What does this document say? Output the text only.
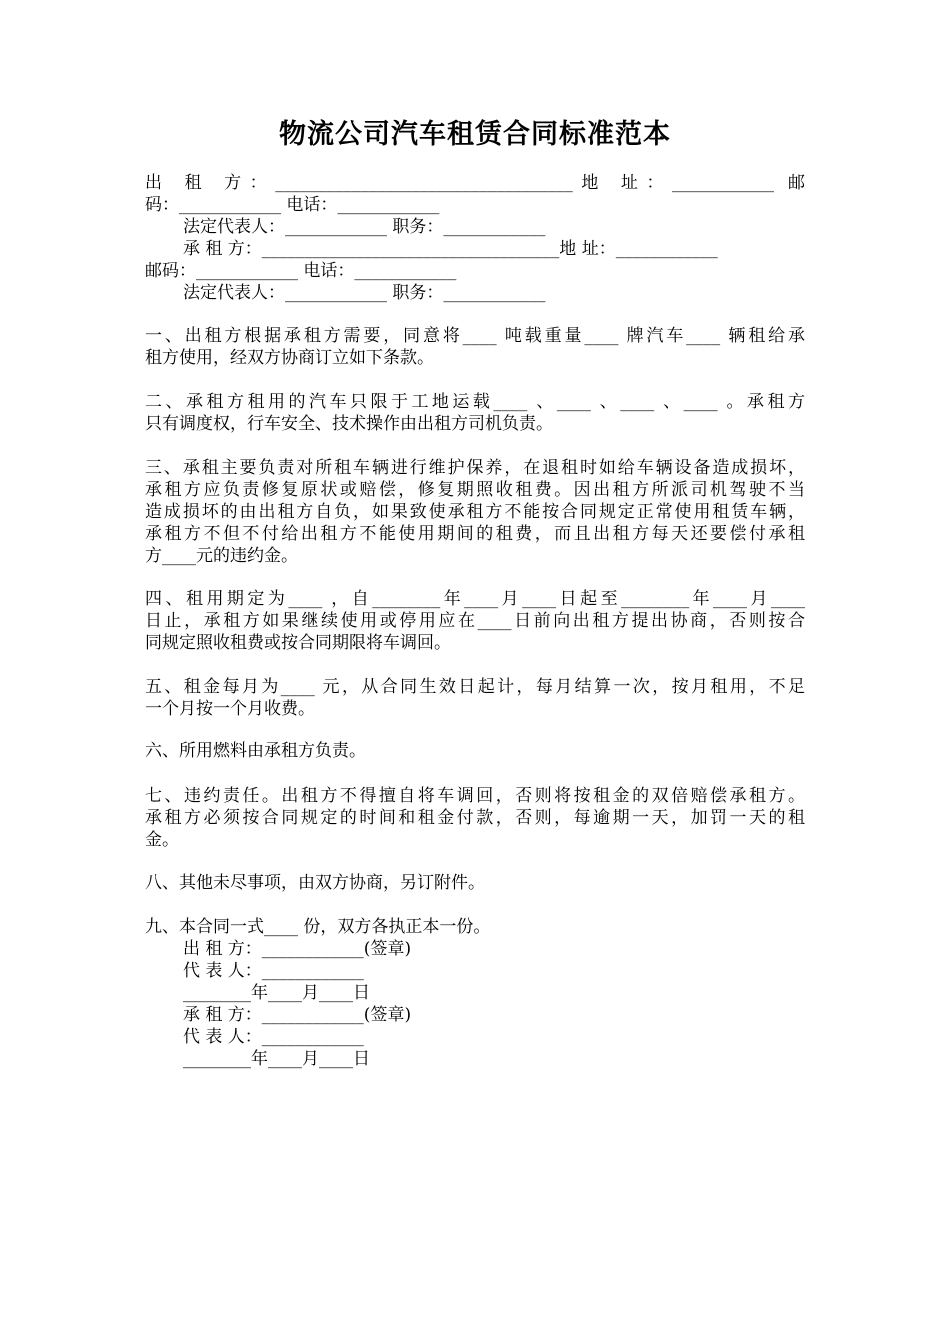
物流公司汽车租赁合同标准范本
出 租 方：___________________________________地 址：____________ 邮
码：____________ 电话：____________
法定代表人：____________ 职务：____________
承 租 方：___________________________________地 址：____________
邮码：____________ 电话：____________
法定代表人：____________ 职务：____________
一、出租方根据承租方需要，同意将____ 吨载重量____ 牌汽车____ 辆租给承
租方使用，经双方协商订立如下条款。
二、承租方租用的汽车只限于工地运载____ 、____ 、____ 、____ 。承租方
只有调度权，行车安全、技术操作由出租方司机负责。
三、承租主要负责对所租车辆进行维护保养，在退租时如给车辆设备造成损坏，
承租方应负责修复原状或赔偿，修复期照收租费。因出租方所派司机驾驶不当
造成损坏的由出租方自负，如果致使承租方不能按合同规定正常使用租赁车辆，
承租方不但不付给出租方不能使用期间的租费，而且出租方每天还要偿付承租
方____元的违约金。
四、租用期定为____ ，自________年____月____日起至________年____月____
日止，承租方如果继续使用或停用应在____日前向出租方提出协商，否则按合
同规定照收租费或按合同期限将车调回。
五、租金每月为____ 元，从合同生效日起计，每月结算一次，按月租用，不足
一个月按一个月收费。
六、所用燃料由承租方负责。
七、违约责任。出租方不得擅自将车调回，否则将按租金的双倍赔偿承租方。
承租方必须按合同规定的时间和租金付款，否则，每逾期一天，加罚一天的租
金。
八、其他未尽事项，由双方协商，另订附件。
九、本合同一式____ 份，双方各执正本一份。
出 租 方：____________(签章)
代 表 人：____________
________年____月____日
承 租 方：____________(签章)
代 表 人：____________
________年____月____日
